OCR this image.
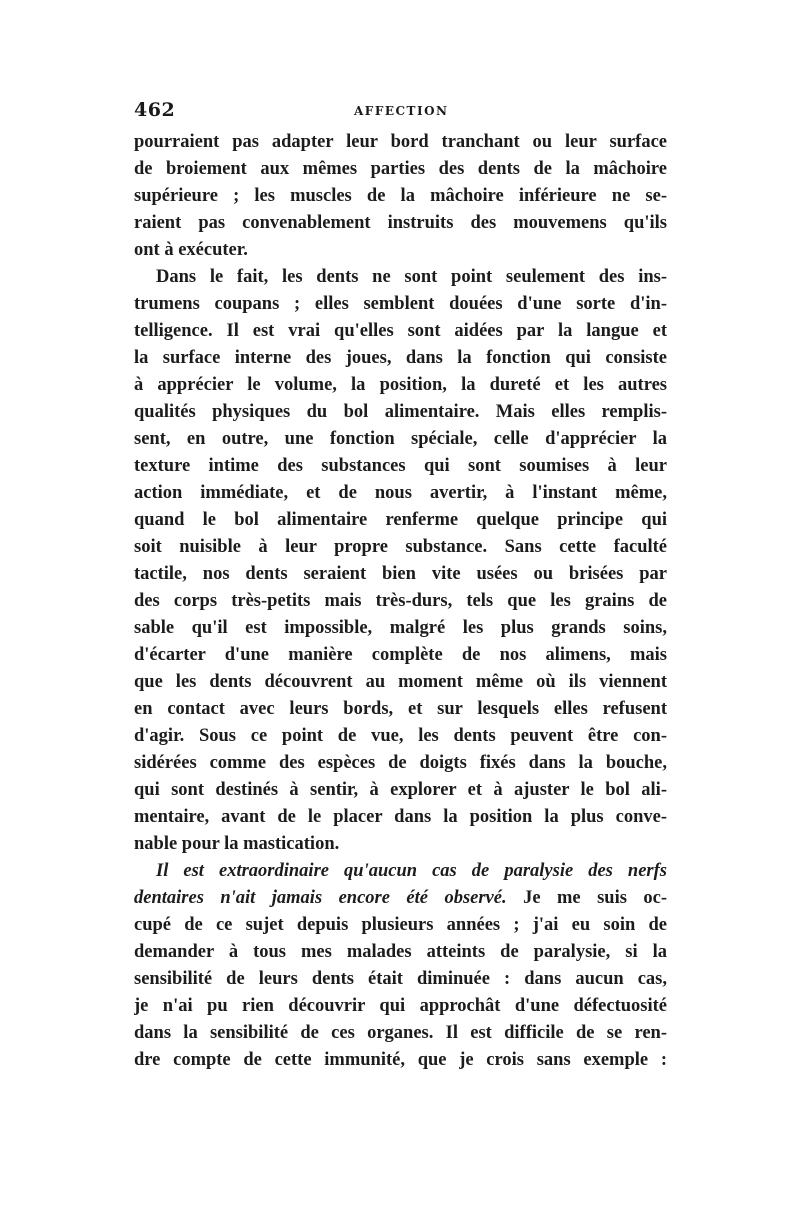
462	AFFECTION
pourraient pas adapter leur bord tranchant ou leur surface
de broiement aux mêmes parties des dents de la mâchoire
supérieure ; les muscles de la mâchoire inférieure ne se-
raient pas convenablement instruits des mouvemens qu'ils
ont à exécuter.
Dans le fait, les dents ne sont point seulement des ins-
trumens coupans ; elles semblent douées d'une sorte d'in-
telligence. Il est vrai qu'elles sont aidées par la langue et
la surface interne des joues, dans la fonction qui consiste
à apprécier le volume, la position, la dureté et les autres
qualités physiques du bol alimentaire. Mais elles remplis-
sent, en outre, une fonction spéciale, celle d'apprécier la
texture intime des substances qui sont soumises à leur
action immédiate, et de nous avertir, à l'instant même,
quand le bol alimentaire renferme quelque principe qui
soit nuisible à leur propre substance. Sans cette faculté
tactile, nos dents seraient bien vite usées ou brisées par
des corps très-petits mais très-durs, tels que les grains de
sable qu'il est impossible, malgré les plus grands soins,
d'écarter d'une manière complète de nos alimens, mais
que les dents découvrent au moment même où ils viennent
en contact avec leurs bords, et sur lesquels elles refusent
d'agir. Sous ce point de vue, les dents peuvent être con-
sidérées comme des espèces de doigts fixés dans la bouche,
qui sont destinés à sentir, à explorer et à ajuster le bol ali-
mentaire, avant de le placer dans la position la plus conve-
nable pour la mastication.
Il est extraordinaire qu'aucun cas de paralysie des nerfs
dentaires n'ait jamais encore été observé. Je me suis oc-
cupé de ce sujet depuis plusieurs années ; j'ai eu soin de
demander à tous mes malades atteints de paralysie, si la
sensibilité de leurs dents était diminuée : dans aucun cas,
je n'ai pu rien découvrir qui approchât d'une défectuosité
dans la sensibilité de ces organes. Il est difficile de se ren-
dre compte de cette immunité, que je crois sans exemple :
